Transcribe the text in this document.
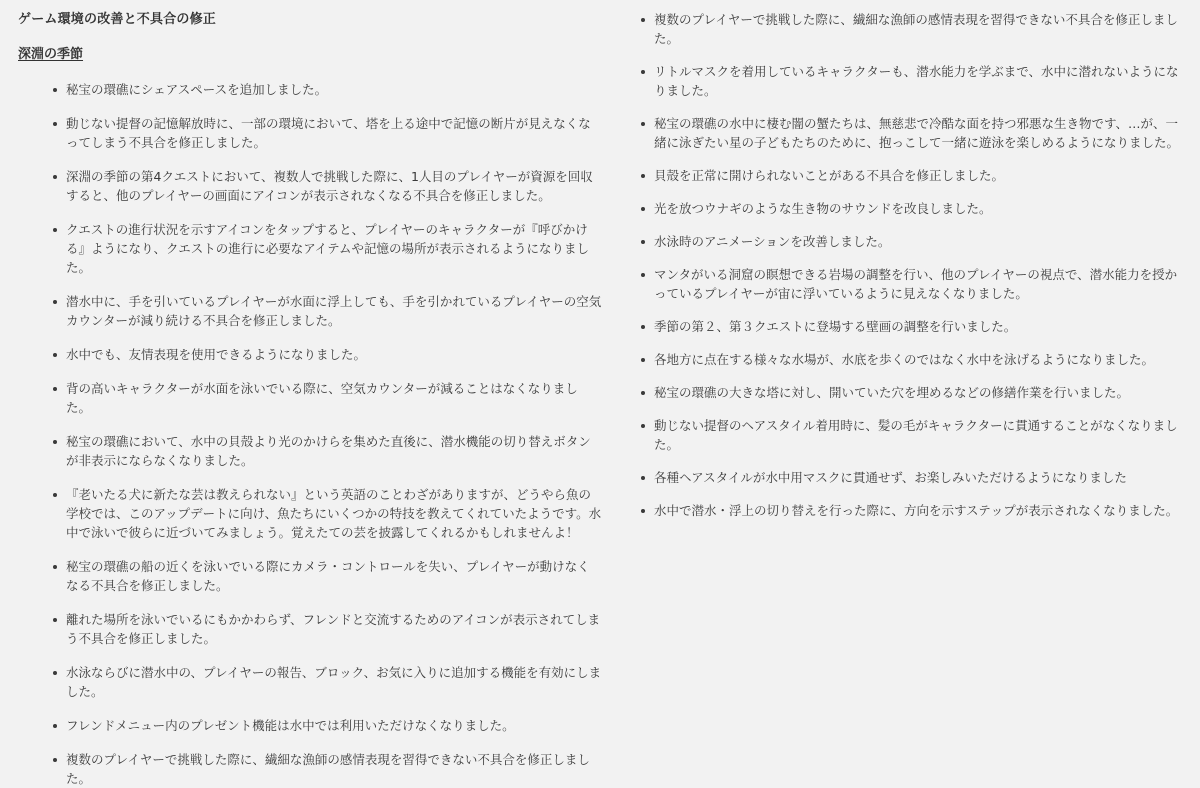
ゲーム環境の改善と不具合の修正
深淵の季節
秘宝の環礁にシェアスペースを追加しました。
動じない提督の記憶解放時に、一部の環境において、塔を上る途中で記憶の断片が見えなくなってしまう不具合を修正しました。
深淵の季節の第4クエストにおいて、複数人で挑戦した際に、1人目のプレイヤーが資源を回収すると、他のプレイヤーの画面にアイコンが表示されなくなる不具合を修正しました。
クエストの進行状況を示すアイコンをタップすると、プレイヤーのキャラクターが『呼びかける』ようになり、クエストの進行に必要なアイテムや記憶の場所が表示されるようになりました。
潜水中に、手を引いているプレイヤーが水面に浮上しても、手を引かれているプレイヤーの空気カウンターが減り続ける不具合を修正しました。
水中でも、友情表現を使用できるようになりました。
背の高いキャラクターが水面を泳いでいる際に、空気カウンターが減ることはなくなりました。
秘宝の環礁において、水中の貝殻より光のかけらを集めた直後に、潜水機能の切り替えボタンが非表示にならなくなりました。
『老いたる犬に新たな芸は教えられない』という英語のことわざがありますが、どうやら魚の学校では、このアップデートに向け、魚たちにいくつかの特技を教えてくれていたようです。水中で泳いで彼らに近づいてみましょう。覚えたての芸を披露してくれるかもしれませんよ！
秘宝の環礁の船の近くを泳いでいる際にカメラ・コントロールを失い、プレイヤーが動けなくなる不具合を修正しました。
離れた場所を泳いでいるにもかかわらず、フレンドと交流するためのアイコンが表示されてしまう不具合を修正しました。
水泳ならびに潜水中の、プレイヤーの報告、ブロック、お気に入りに追加する機能を有効にしました。
フレンドメニュー内のプレゼント機能は水中では利用いただけなくなりました。
複数のプレイヤーで挑戦した際に、繊細な漁師の感情表現を習得できない不具合を修正しました。
複数のプレイヤーで挑戦した際に、繊細な漁師の感情表現を習得できない不具合を修正しました。
リトルマスクを着用しているキャラクターも、潜水能力を学ぶまで、水中に潜れないようになりました。
秘宝の環礁の水中に棲む闇の蟹たちは、無慈悲で冷酷な面を持つ邪悪な生き物です、…が、一緒に泳ぎたい星の子どもたちのために、抱っこして一緒に遊泳を楽しめるようになりました。
貝殻を正常に開けられないことがある不具合を修正しました。
光を放つウナギのような生き物のサウンドを改良しました。
水泳時のアニメーションを改善しました。
マンタがいる洞窟の瞑想できる岩場の調整を行い、他のプレイヤーの視点で、潜水能力を授かっているプレイヤーが宙に浮いているように見えなくなりました。
季節の第２、第３クエストに登場する壁画の調整を行いました。
各地方に点在する様々な水場が、水底を歩くのではなく水中を泳げるようになりました。
秘宝の環礁の大きな塔に対し、開いていた穴を埋めるなどの修繕作業を行いました。
動じない提督のヘアスタイル着用時に、髪の毛がキャラクターに貫通することがなくなりました。
各種ヘアスタイルが水中用マスクに貫通せず、お楽しみいただけるようになりました
水中で潜水・浮上の切り替えを行った際に、方向を示すステップが表示されなくなりました。
